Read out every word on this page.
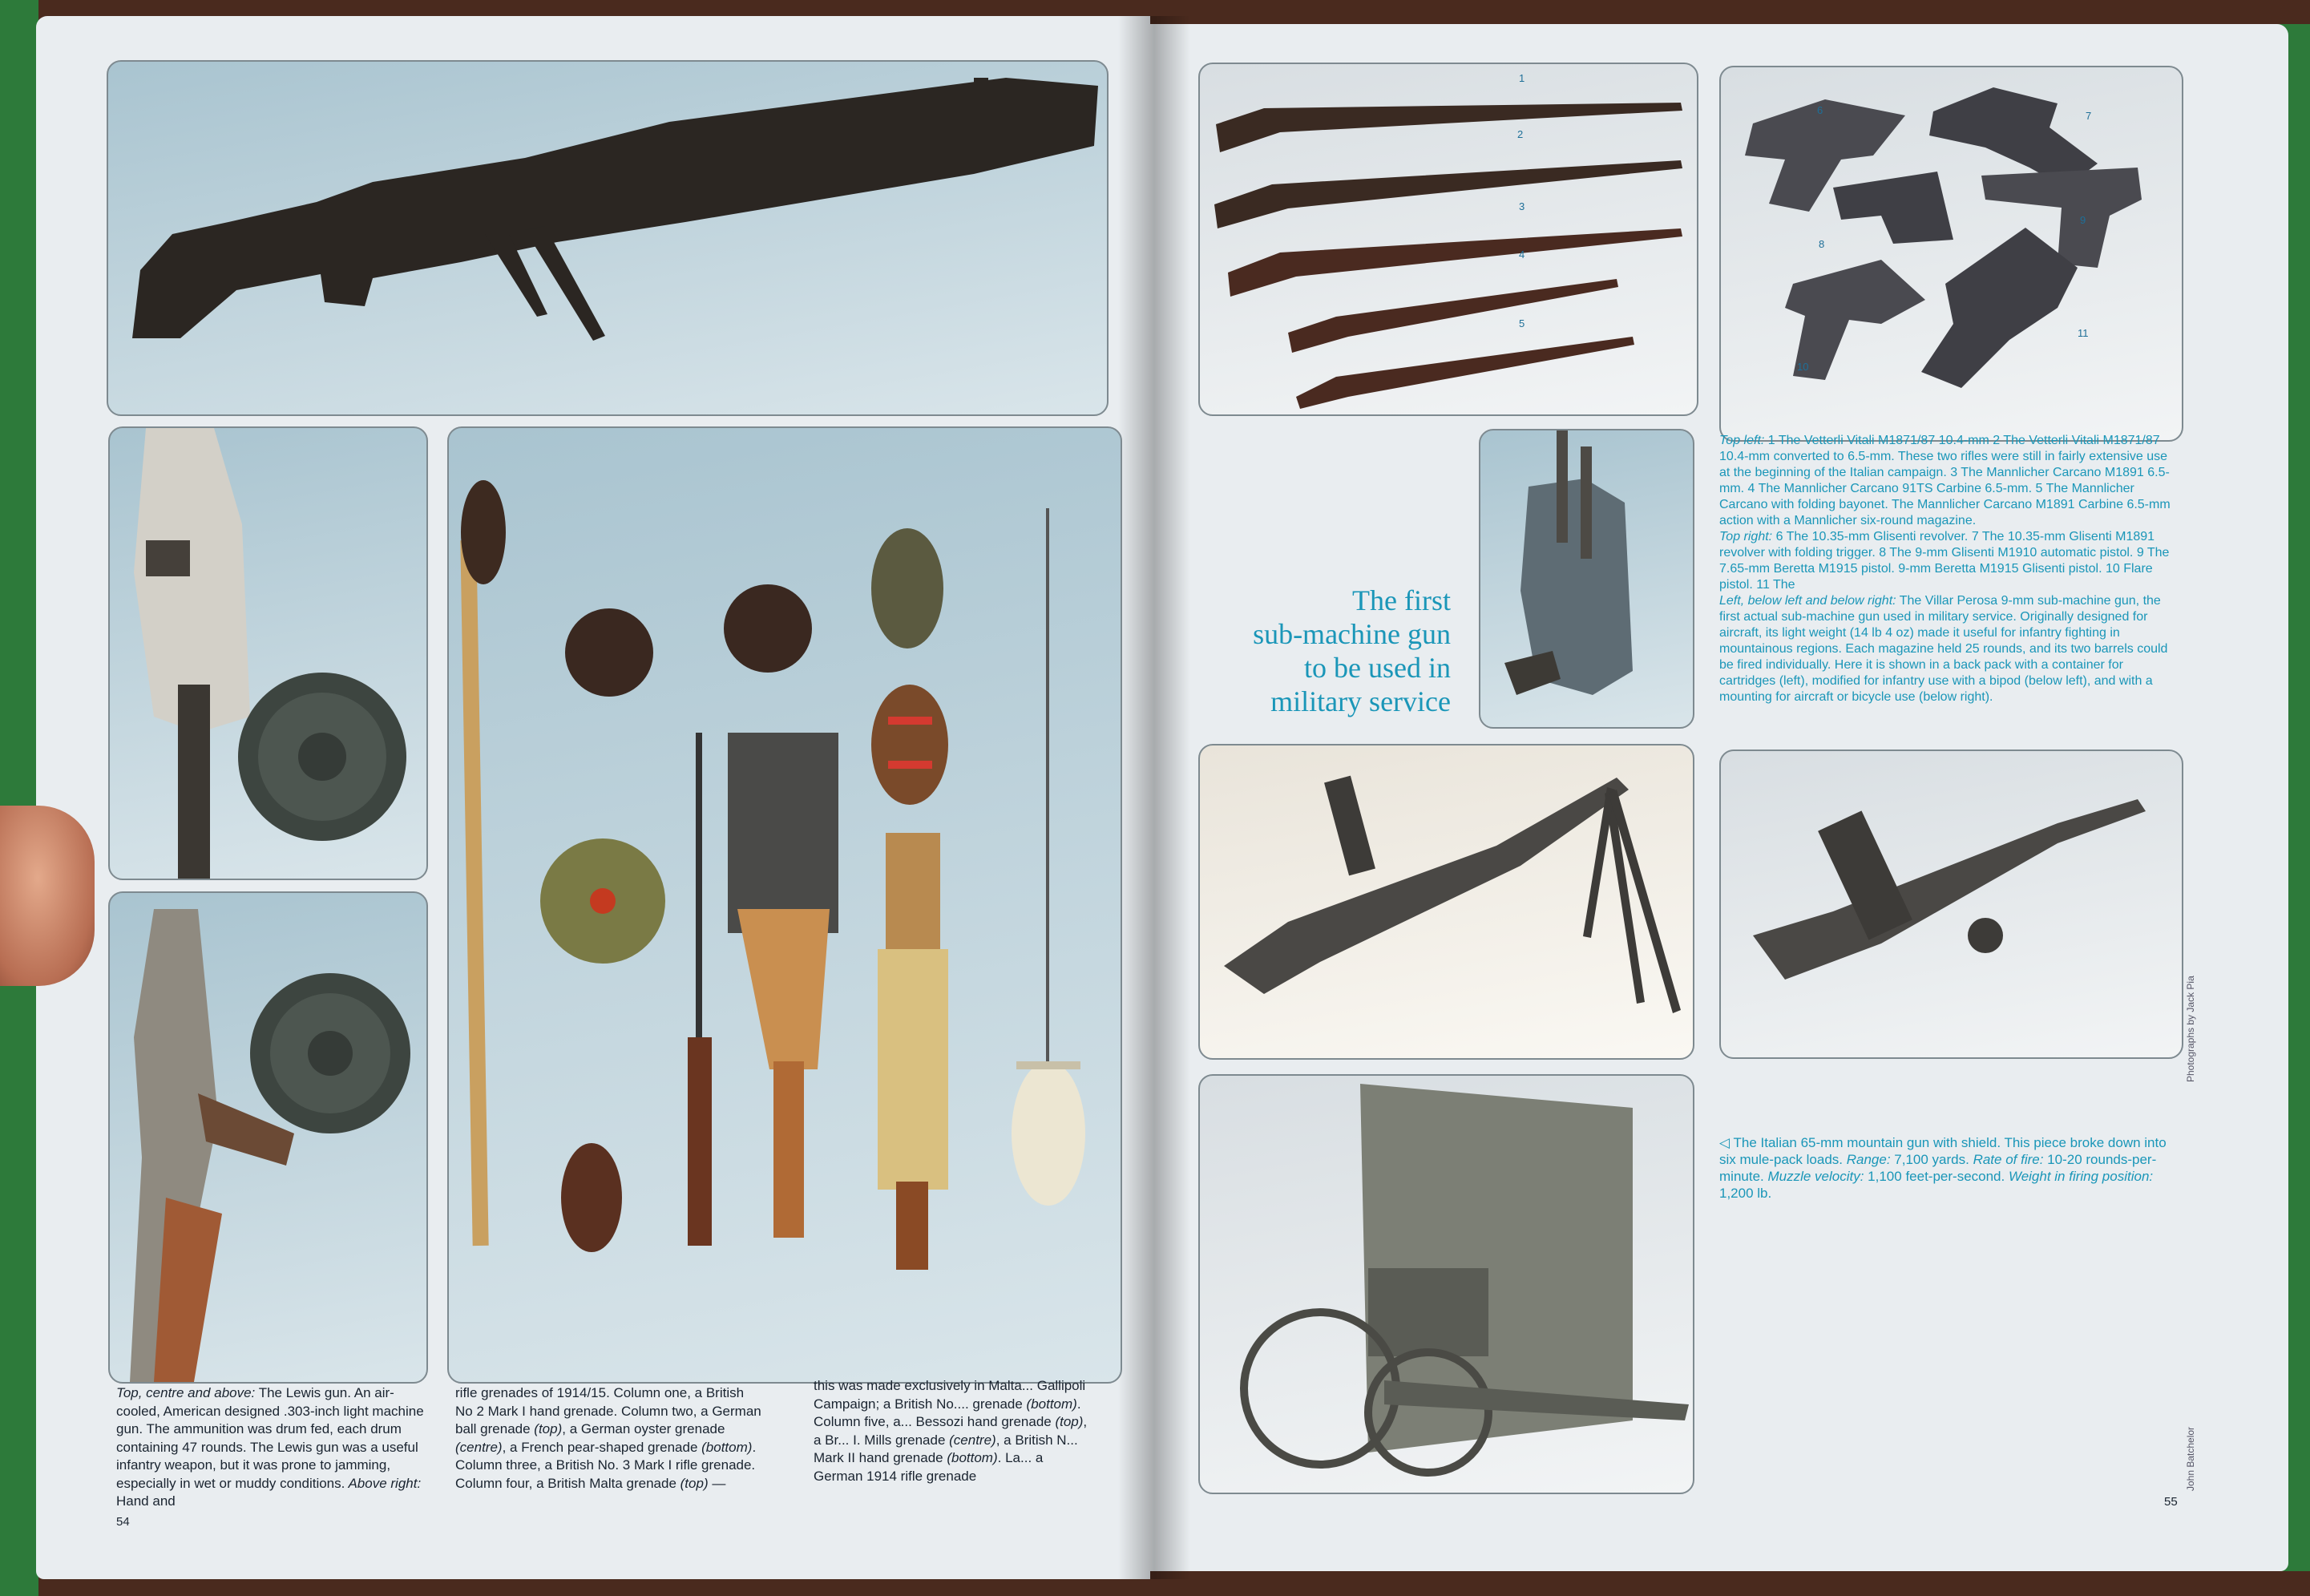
Top, centre and above: The Lewis gun. An air-cooled, American designed .303-inch light machine gun. The ammunition was drum fed, each drum containing 47 rounds. The Lewis gun was a useful infantry weapon, but it was prone to jamming, especially in wet or muddy conditions. Above right: Hand and
rifle grenades of 1914/15. Column one, a British No 2 Mark I hand grenade. Column two, a German ball grenade (top), a German oyster grenade (centre), a French pear-shaped grenade (bottom). Column three, a British No. 3 Mark I rifle grenade. Column four, a British Malta grenade (top) —
this was made exclusively in Malta... Gallipoli Campaign; a British No.... grenade (bottom). Column five, a... Bessozi hand grenade (top), a Br... I. Mills grenade (centre), a British N... Mark II hand grenade (bottom). La... a German 1914 rifle grenade
54
1
2
3
4
5
6	7
8
9
10
11
The first
sub-machine gun
to be used in
military service
Top left: 1 The Vetterli Vitali M1871/87 10.4-mm 2 The Vetterli Vitali M1871/87 10.4-mm converted to 6.5-mm. These two rifles were still in fairly extensive use at the beginning of the Italian campaign. 3 The Mannlicher Carcano M1891 6.5-mm. 4 The Mannlicher Carcano 91TS Carbine 6.5-mm. 5 The Mannlicher Carcano with folding bayonet. The Mannlicher Carcano M1891 Carbine 6.5-mm action with a Mannlicher six-round magazine.
Top right: 6 The 10.35-mm Glisenti revolver. 7 The 10.35-mm Glisenti M1891 revolver with folding trigger. 8 The 9-mm Glisenti M1910 automatic pistol. 9 The 7.65-mm Beretta M1915 pistol. 9-mm Beretta M1915 Glisenti pistol. 10 Flare pistol. 11 The
Left, below left and below right: The Villar Perosa 9-mm sub-machine gun, the first actual sub-machine gun used in military service. Originally designed for aircraft, its light weight (14 lb 4 oz) made it useful for infantry fighting in mountainous regions. Each magazine held 25 rounds, and its two barrels could be fired individually. Here it is shown in a back pack with a container for cartridges (left), modified for infantry use with a bipod (below left), and with a mounting for aircraft or bicycle use (below right).
◁ The Italian 65-mm mountain gun with shield. This piece broke down into six mule-pack loads. Range: 7,100 yards. Rate of fire: 10-20 rounds-per-minute. Muzzle velocity: 1,100 feet-per-second. Weight in firing position: 1,200 lb.
Photographs by Jack Pia
John Batchelor
55
